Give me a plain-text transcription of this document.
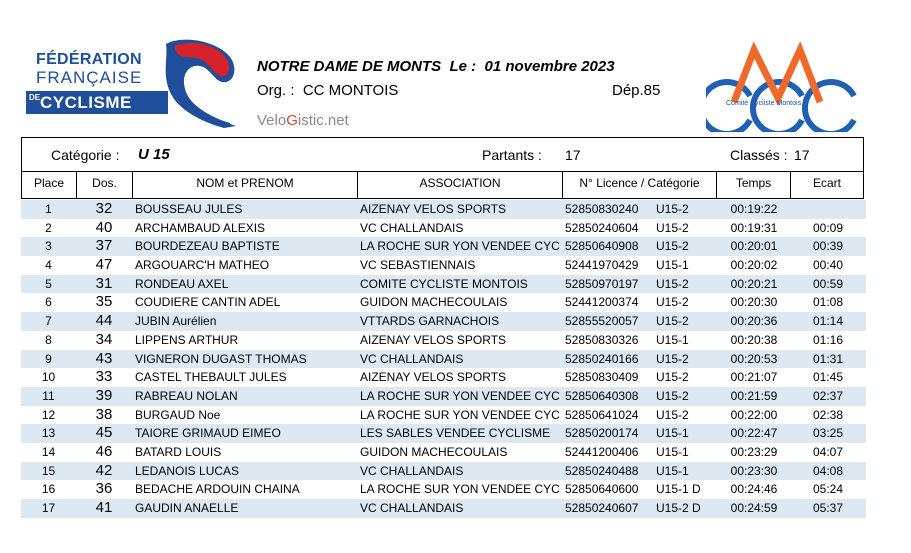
FÉDÉRATION
FRANÇAISE
DE CYCLISME
NOTRE DAME DE MONTS  Le :  01 novembre 2023
Org. :  CC MONTOIS	Dép.85
VeloGistic.net
Comité Cycliste Montois
Catégorie : U 15	Partants : 17	Classés : 17
Place	Dos.	NOM et PRENOM	ASSOCIATION	N° Licence / Catégorie	Temps	Ecart
1	32	BOUSSEAU JULES	AIZENAY VELOS SPORTS	52850830240	U15-2	00:19:22
2	40	ARCHAMBAUD ALEXIS	VC CHALLANDAIS	52850240604	U15-2	00:19:31	00:09
3	37	BOURDEZEAU BAPTISTE	LA ROCHE SUR YON VENDEE CYC 52850640908	U15-2	00:20:01	00:39
4	47	ARGOUARC'H MATHEO	VC SEBASTIENNAIS	52441970429	U15-1	00:20:02	00:40
5	31	RONDEAU AXEL	COMITE CYCLISTE MONTOIS	52850970197	U15-2	00:20:21	00:59
6	35	COUDIERE CANTIN ADEL	GUIDON MACHECOULAIS	52441200374	U15-2	00:20:30	01:08
7	44	JUBIN Aurélien	VTTARDS GARNACHOIS	52855520057	U15-2	00:20:36	01:14
8	34	LIPPENS ARTHUR	AIZENAY VELOS SPORTS	52850830326	U15-1	00:20:38	01:16
9	43	VIGNERON DUGAST THOMAS	VC CHALLANDAIS	52850240166	U15-2	00:20:53	01:31
10	33	CASTEL THEBAULT JULES	AIZENAY VELOS SPORTS	52850830409	U15-2	00:21:07	01:45
11	39	RABREAU NOLAN	LA ROCHE SUR YON VENDEE CYC 52850640308	U15-2	00:21:59	02:37
12	38	BURGAUD Noe	LA ROCHE SUR YON VENDEE CYC 52850641024	U15-2	00:22:00	02:38
13	45	TAIORE GRIMAUD EIMEO	LES SABLES VENDEE CYCLISME	52850200174	U15-1	00:22:47	03:25
14	46	BATARD LOUIS	GUIDON MACHECOULAIS	52441200406	U15-1	00:23:29	04:07
15	42	LEDANOIS LUCAS	VC CHALLANDAIS	52850240488	U15-1	00:23:30	04:08
16	36	BEDACHE ARDOUIN CHAINA	LA ROCHE SUR YON VENDEE CYC 52850640600	U15-1 D	00:24:46	05:24
17	41	GAUDIN ANAELLE	VC CHALLANDAIS	52850240607	U15-2 D	00:24:59	05:37
